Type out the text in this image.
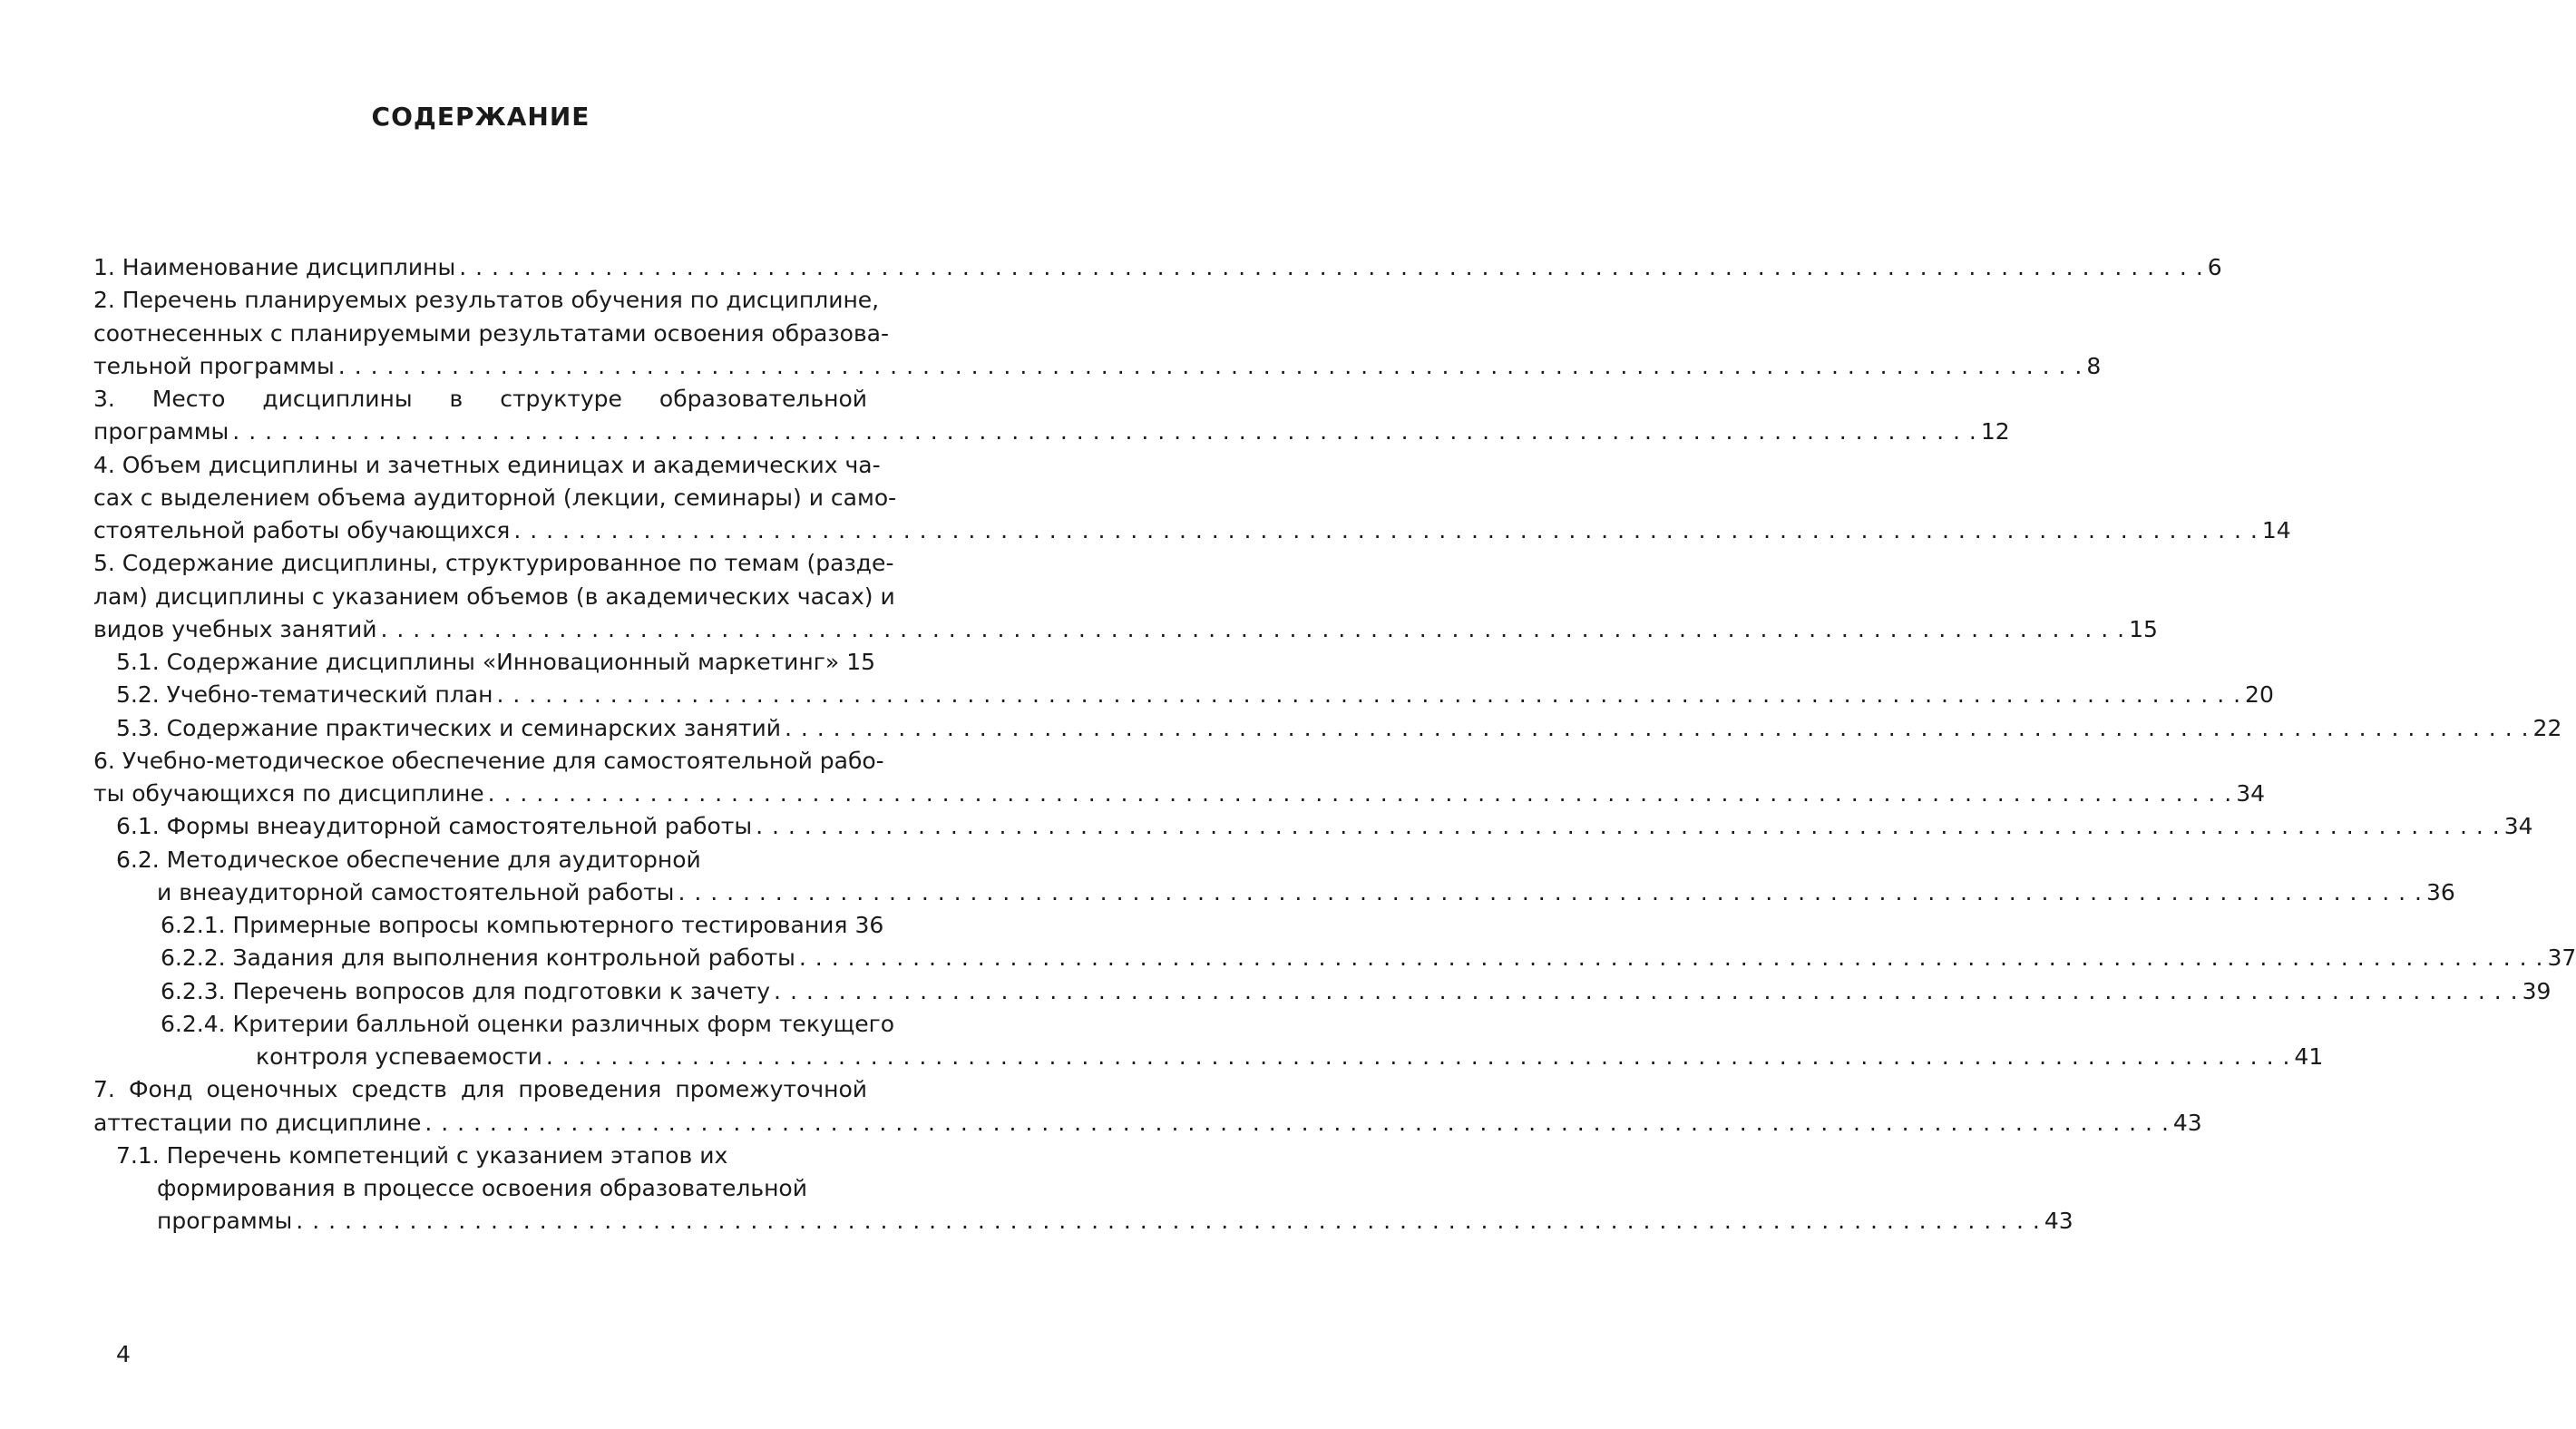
СОДЕРЖАНИЕ
1. Наименование дисциплины . . .	6
2. Перечень планируемых результатов обучения по дисциплине,
соотнесенных с планируемыми результатами освоения образова-
тельной программы . . .	8
3. Место дисциплины в структуре образовательной
программы . . .	12
4. Объем дисциплины и зачетных единицах и академических ча-
сах с выделением объема аудиторной (лекции, семинары) и само-
стоятельной работы обучающихся . . .	14
5. Содержание дисциплины, структурированное по темам (разде-
лам) дисциплины с указанием объемов (в академических часах) и
видов учебных занятий . . .	15
5.1. Содержание дисциплины «Инновационный маркетинг» 15
5.2. Учебно-тематический план . . .	20
5.3. Содержание практических и семинарских занятий . . .	22
6. Учебно-методическое обеспечение для самостоятельной рабо-
ты обучающихся по дисциплине . . .	34
6.1. Формы внеаудиторной самостоятельной работы . . .	34
6.2. Методическое обеспечение для аудиторной
и внеаудиторной самостоятельной работы . . .	36
6.2.1. Примерные вопросы компьютерного тестирования 36
6.2.2. Задания для выполнения контрольной работы . . .	37
6.2.3. Перечень вопросов для подготовки к зачету . . .	39
6.2.4. Критерии балльной оценки различных форм текущего
контроля успеваемости . . .	41
7. Фонд оценочных средств для проведения промежуточной
аттестации по дисциплине . . .	43
7.1. Перечень компетенций с указанием этапов их
формирования в процессе освоения образовательной
программы . . .	43
4
